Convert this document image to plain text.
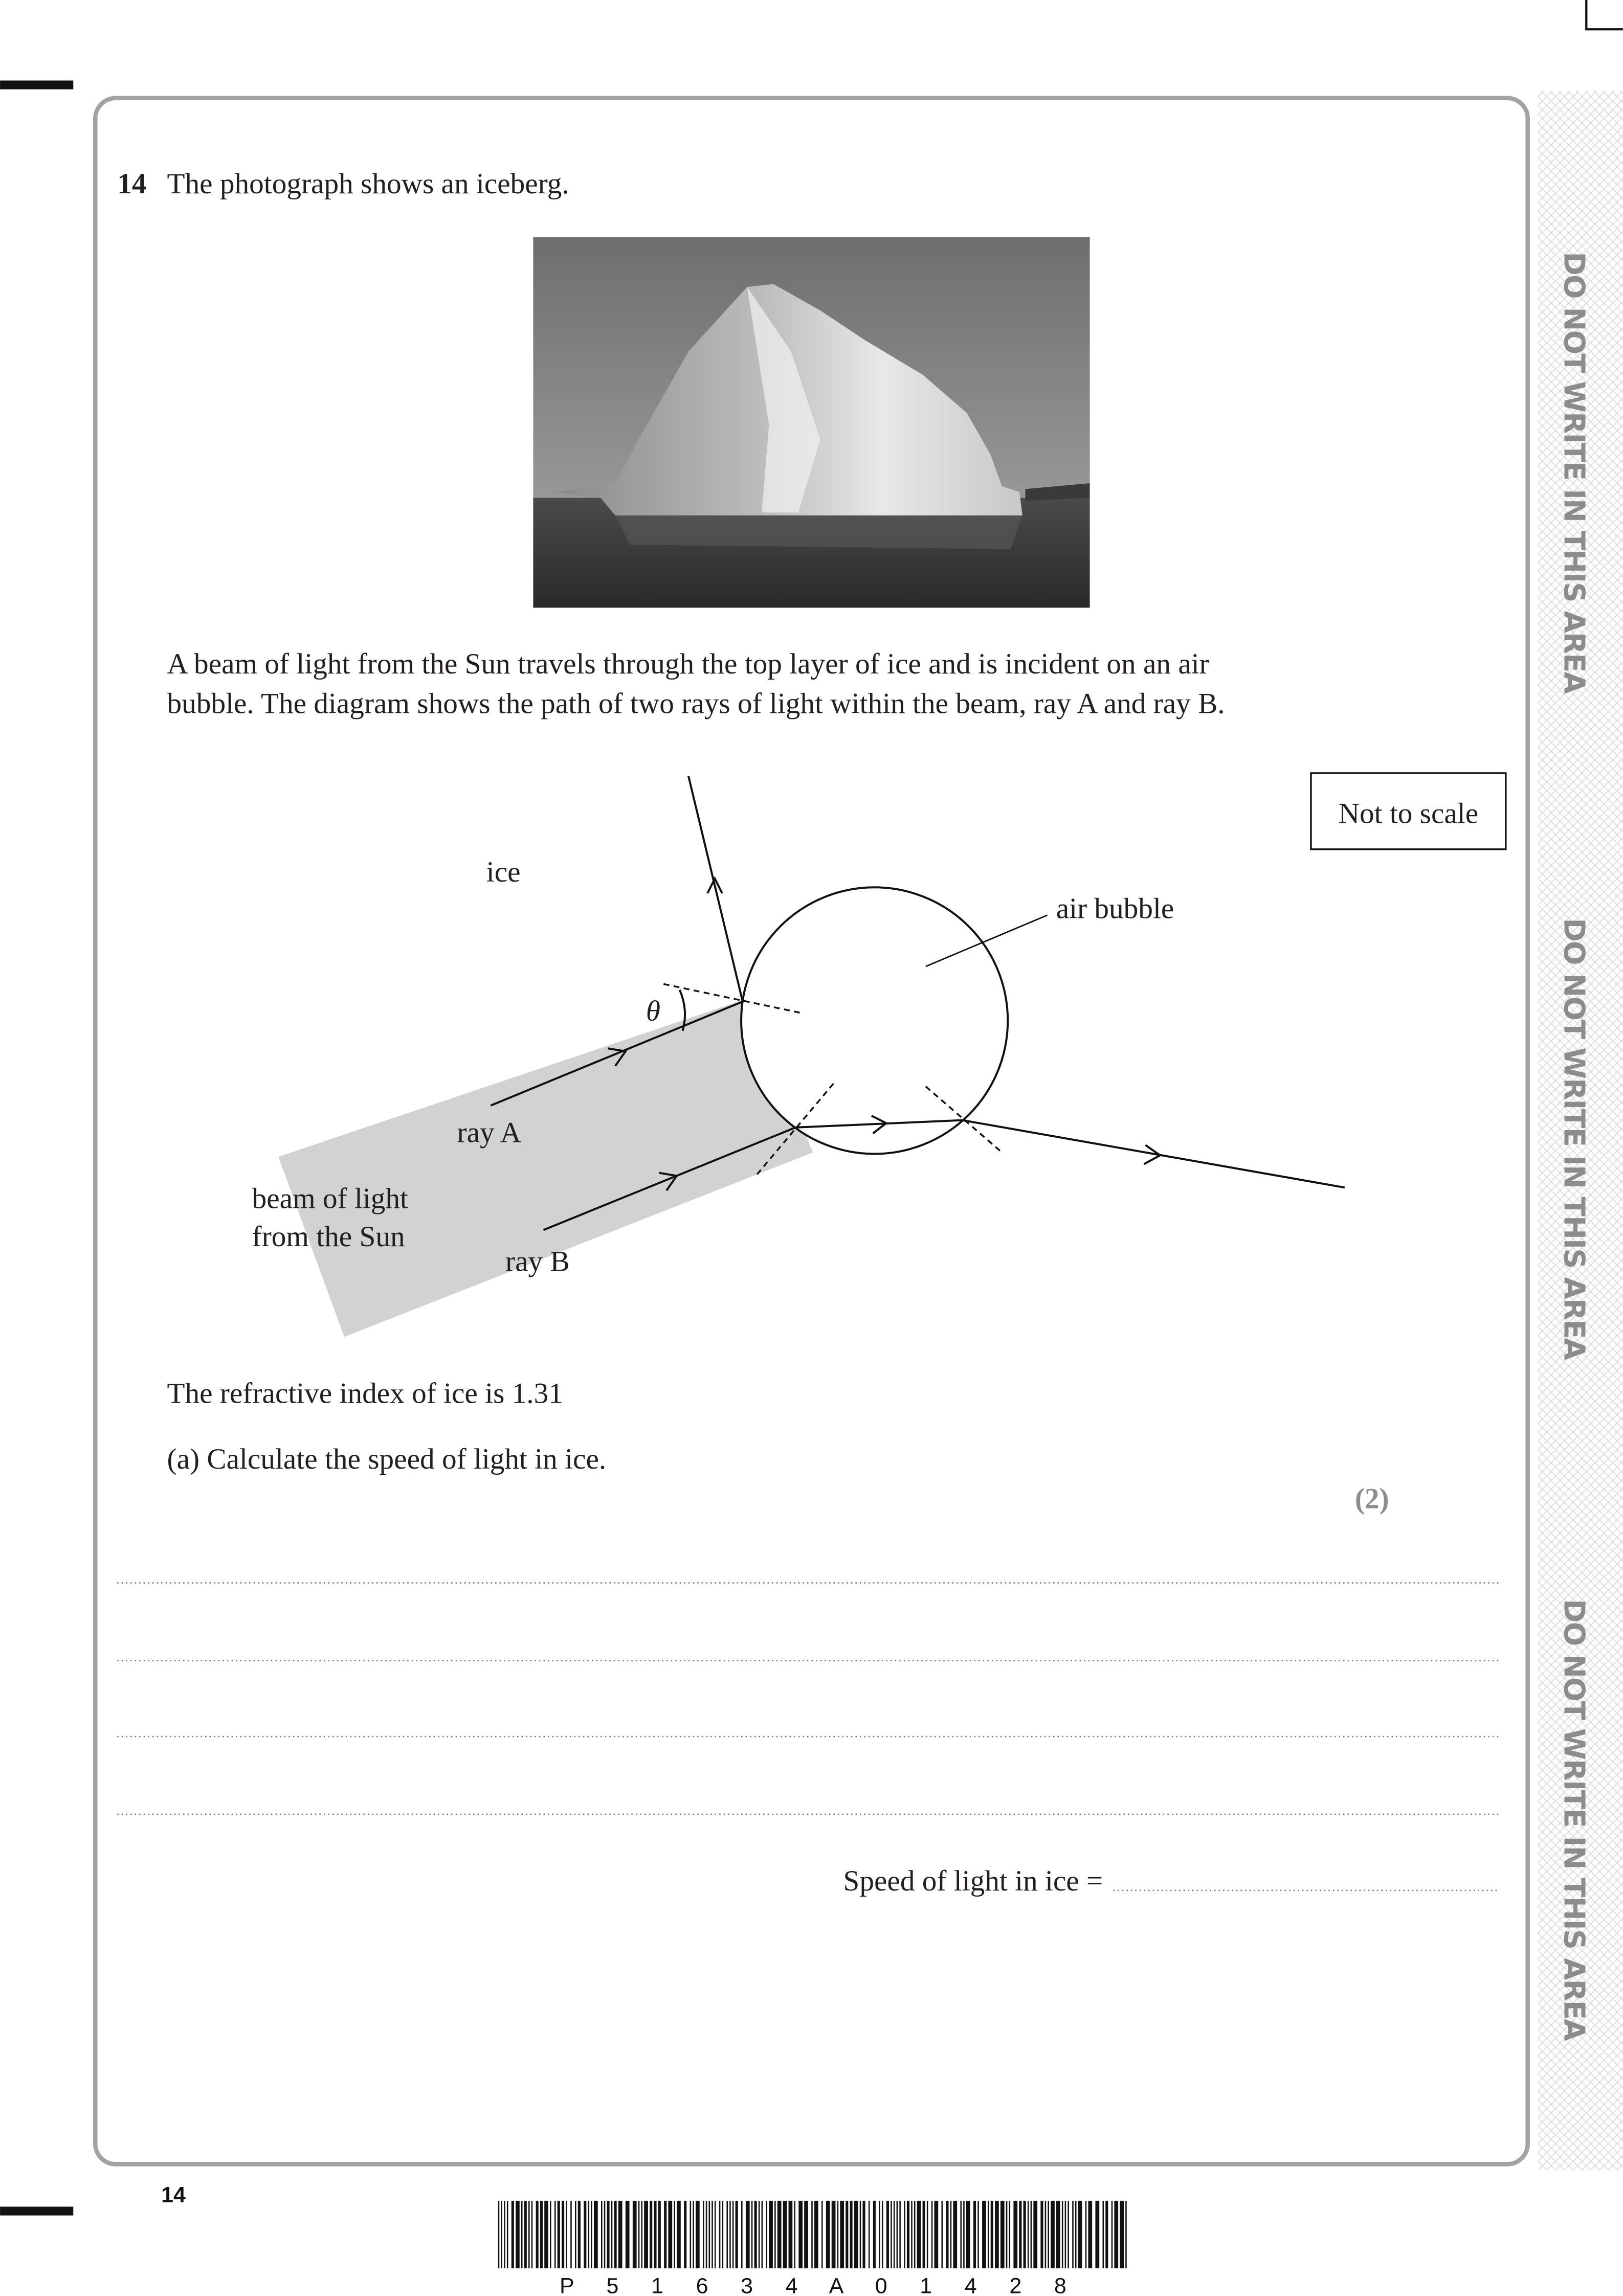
DO NOT WRITE IN THIS AREA
DO NOT WRITE IN THIS AREA
DO NOT WRITE IN THIS AREA
14 The photograph shows an iceberg.
A beam of light from the Sun travels through the top layer of ice and is incident on an air
bubble. The diagram shows the path of two rays of light within the beam, ray A and ray B.
θ
air bubble
ice
ray A
ray B
beam of light
from the Sun
Not to scale
The refractive index of ice is 1.31
(a) Calculate the speed of light in ice.
(2)
Speed of light in ice =
14
P 5 1 6 3 4 A 0 1 4 2 8
